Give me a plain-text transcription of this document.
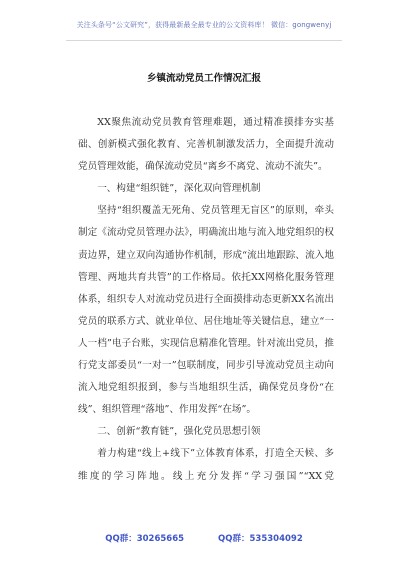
关注头条号“公文研究”，获得最新最全最专业的公文资料库！ 微信：gongwenyj
乡镇流动党员工作情况汇报

XX聚焦流动党员教育管理难题，通过精准摸排夯实基础、创新模式强化教育、完善机制激发活力，全面提升流动党员管理效能，确保流动党员“离乡不离党、流动不流失”。

一、构建“组织链”，深化双向管理机制

坚持“组织覆盖无死角、党员管理无盲区”的原则，牵头制定《流动党员管理办法》，明确流出地与流入地党组织的权责边界，建立双向沟通协作机制，形成“流出地跟踪、流入地管理、两地共育共管”的工作格局。依托XX网格化服务管理体系，组织专人对流动党员进行全面摸排动态更新XX名流出党员的联系方式、就业单位、居住地址等关键信息，建立“一人一档”电子台账，实现信息精准化管理。针对流出党员，推行党支部委员“一对一”包联制度，同步引导流动党员主动向流入地党组织报到，参与当地组织生活，确保党员身份“在线”、组织管理“落地”、作用发挥“在场”。

二、创新“教育链”，强化党员思想引领

着力构建“线上+线下”立体教育体系，打造全天候、多维度的学习阵地。线上充分发挥“学习强国”“XX党

QQ群：30265665	QQ群：535304092
